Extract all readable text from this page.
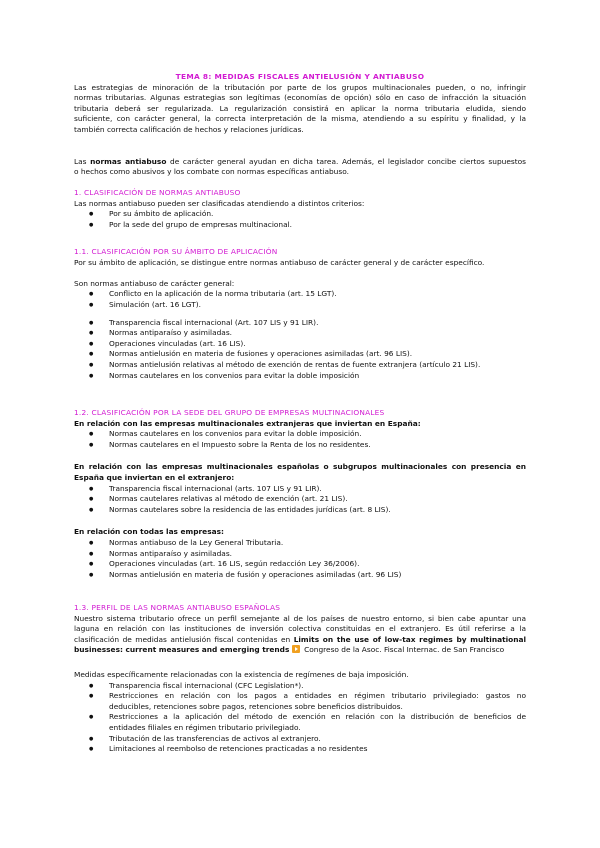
TEMA 8: MEDIDAS FISCALES ANTIELUSIÓN Y ANTIABUSO
Las estrategias de minoración de la tributación por parte de los grupos multinacionales pueden, o no, infringir
normas tributarias. Algunas estrategias son legítimas (economías de opción) sólo en caso de infracción la situación
tributaria deberá ser regularizada. La regularización consistirá en aplicar la norma tributaria eludida, siendo
suficiente, con carácter general, la correcta interpretación de la misma, atendiendo a su espíritu y finalidad, y la
también correcta calificación de hechos y relaciones jurídicas.
Las normas antiabuso de carácter general ayudan en dicha tarea. Además, el legislador concibe ciertos supuestos
o hechos como abusivos y los combate con normas específicas antiabuso.
1. CLASIFICACIÓN DE NORMAS ANTIABUSO
Las normas antiabuso pueden ser clasificadas atendiendo a distintos criterios:
● Por su ámbito de aplicación.
● Por la sede del grupo de empresas multinacional.
1.1. CLASIFICACIÓN POR SU ÁMBITO DE APLICACIÓN
Por su ámbito de aplicación, se distingue entre normas antiabuso de carácter general y de carácter específico.
Son normas antiabuso de carácter general:
● Conflicto en la aplicación de la norma tributaria (art. 15 LGT).
● Simulación (art. 16 LGT).
● Transparencia fiscal internacional (Art. 107 LIS y 91 LIR).
● Normas antiparaíso y asimiladas.
● Operaciones vinculadas (art. 16 LIS).
● Normas antielusión en materia de fusiones y operaciones asimiladas (art. 96 LIS).
● Normas antielusión relativas al método de exención de rentas de fuente extranjera (artículo 21 LIS).
● Normas cautelares en los convenios para evitar la doble imposición
1.2. CLASIFICACIÓN POR LA SEDE DEL GRUPO DE EMPRESAS MULTINACIONALES
En relación con las empresas multinacionales extranjeras que inviertan en España:
● Normas cautelares en los convenios para evitar la doble imposición.
● Normas cautelares en el Impuesto sobre la Renta de los no residentes.
En relación con las empresas multinacionales españolas o subgrupos multinacionales con presencia en
España que inviertan en el extranjero:
● Transparencia fiscal internacional (arts. 107 LIS y 91 LIR).
● Normas cautelares relativas al método de exención (art. 21 LIS).
● Normas cautelares sobre la residencia de las entidades jurídicas (art. 8 LIS).
En relación con todas las empresas:
● Normas antiabuso de la Ley General Tributaria.
● Normas antiparaíso y asimiladas.
● Operaciones vinculadas (art. 16 LIS, según redacción Ley 36/2006).
● Normas antielusión en materia de fusión y operaciones asimiladas (art. 96 LIS)
1.3. PERFIL DE LAS NORMAS ANTIABUSO ESPAÑOLAS
Nuestro sistema tributario ofrece un perfil semejante al de los países de nuestro entorno, si bien cabe apuntar una
laguna en relación con las instituciones de inversión colectiva constituidas en el extranjero. Es útil referirse a la
clasificación de medidas antielusión fiscal contenidas en Limits on the use of low-tax regimes by multinational
businesses: current measures and emerging trends  Congreso de la Asoc. Fiscal Internac. de San Francisco
Medidas específicamente relacionadas con la existencia de regímenes de baja imposición.
● Transparencia fiscal internacional (CFC Legislation*).
● Restricciones en relación con los pagos a entidades en régimen tributario privilegiado: gastos no
deducibles, retenciones sobre pagos, retenciones sobre beneficios distribuidos.
● Restricciones a la aplicación del método de exención en relación con la distribución de beneficios de
entidades filiales en régimen tributario privilegiado.
● Tributación de las transferencias de activos al extranjero.
● Limitaciones al reembolso de retenciones practicadas a no residentes
